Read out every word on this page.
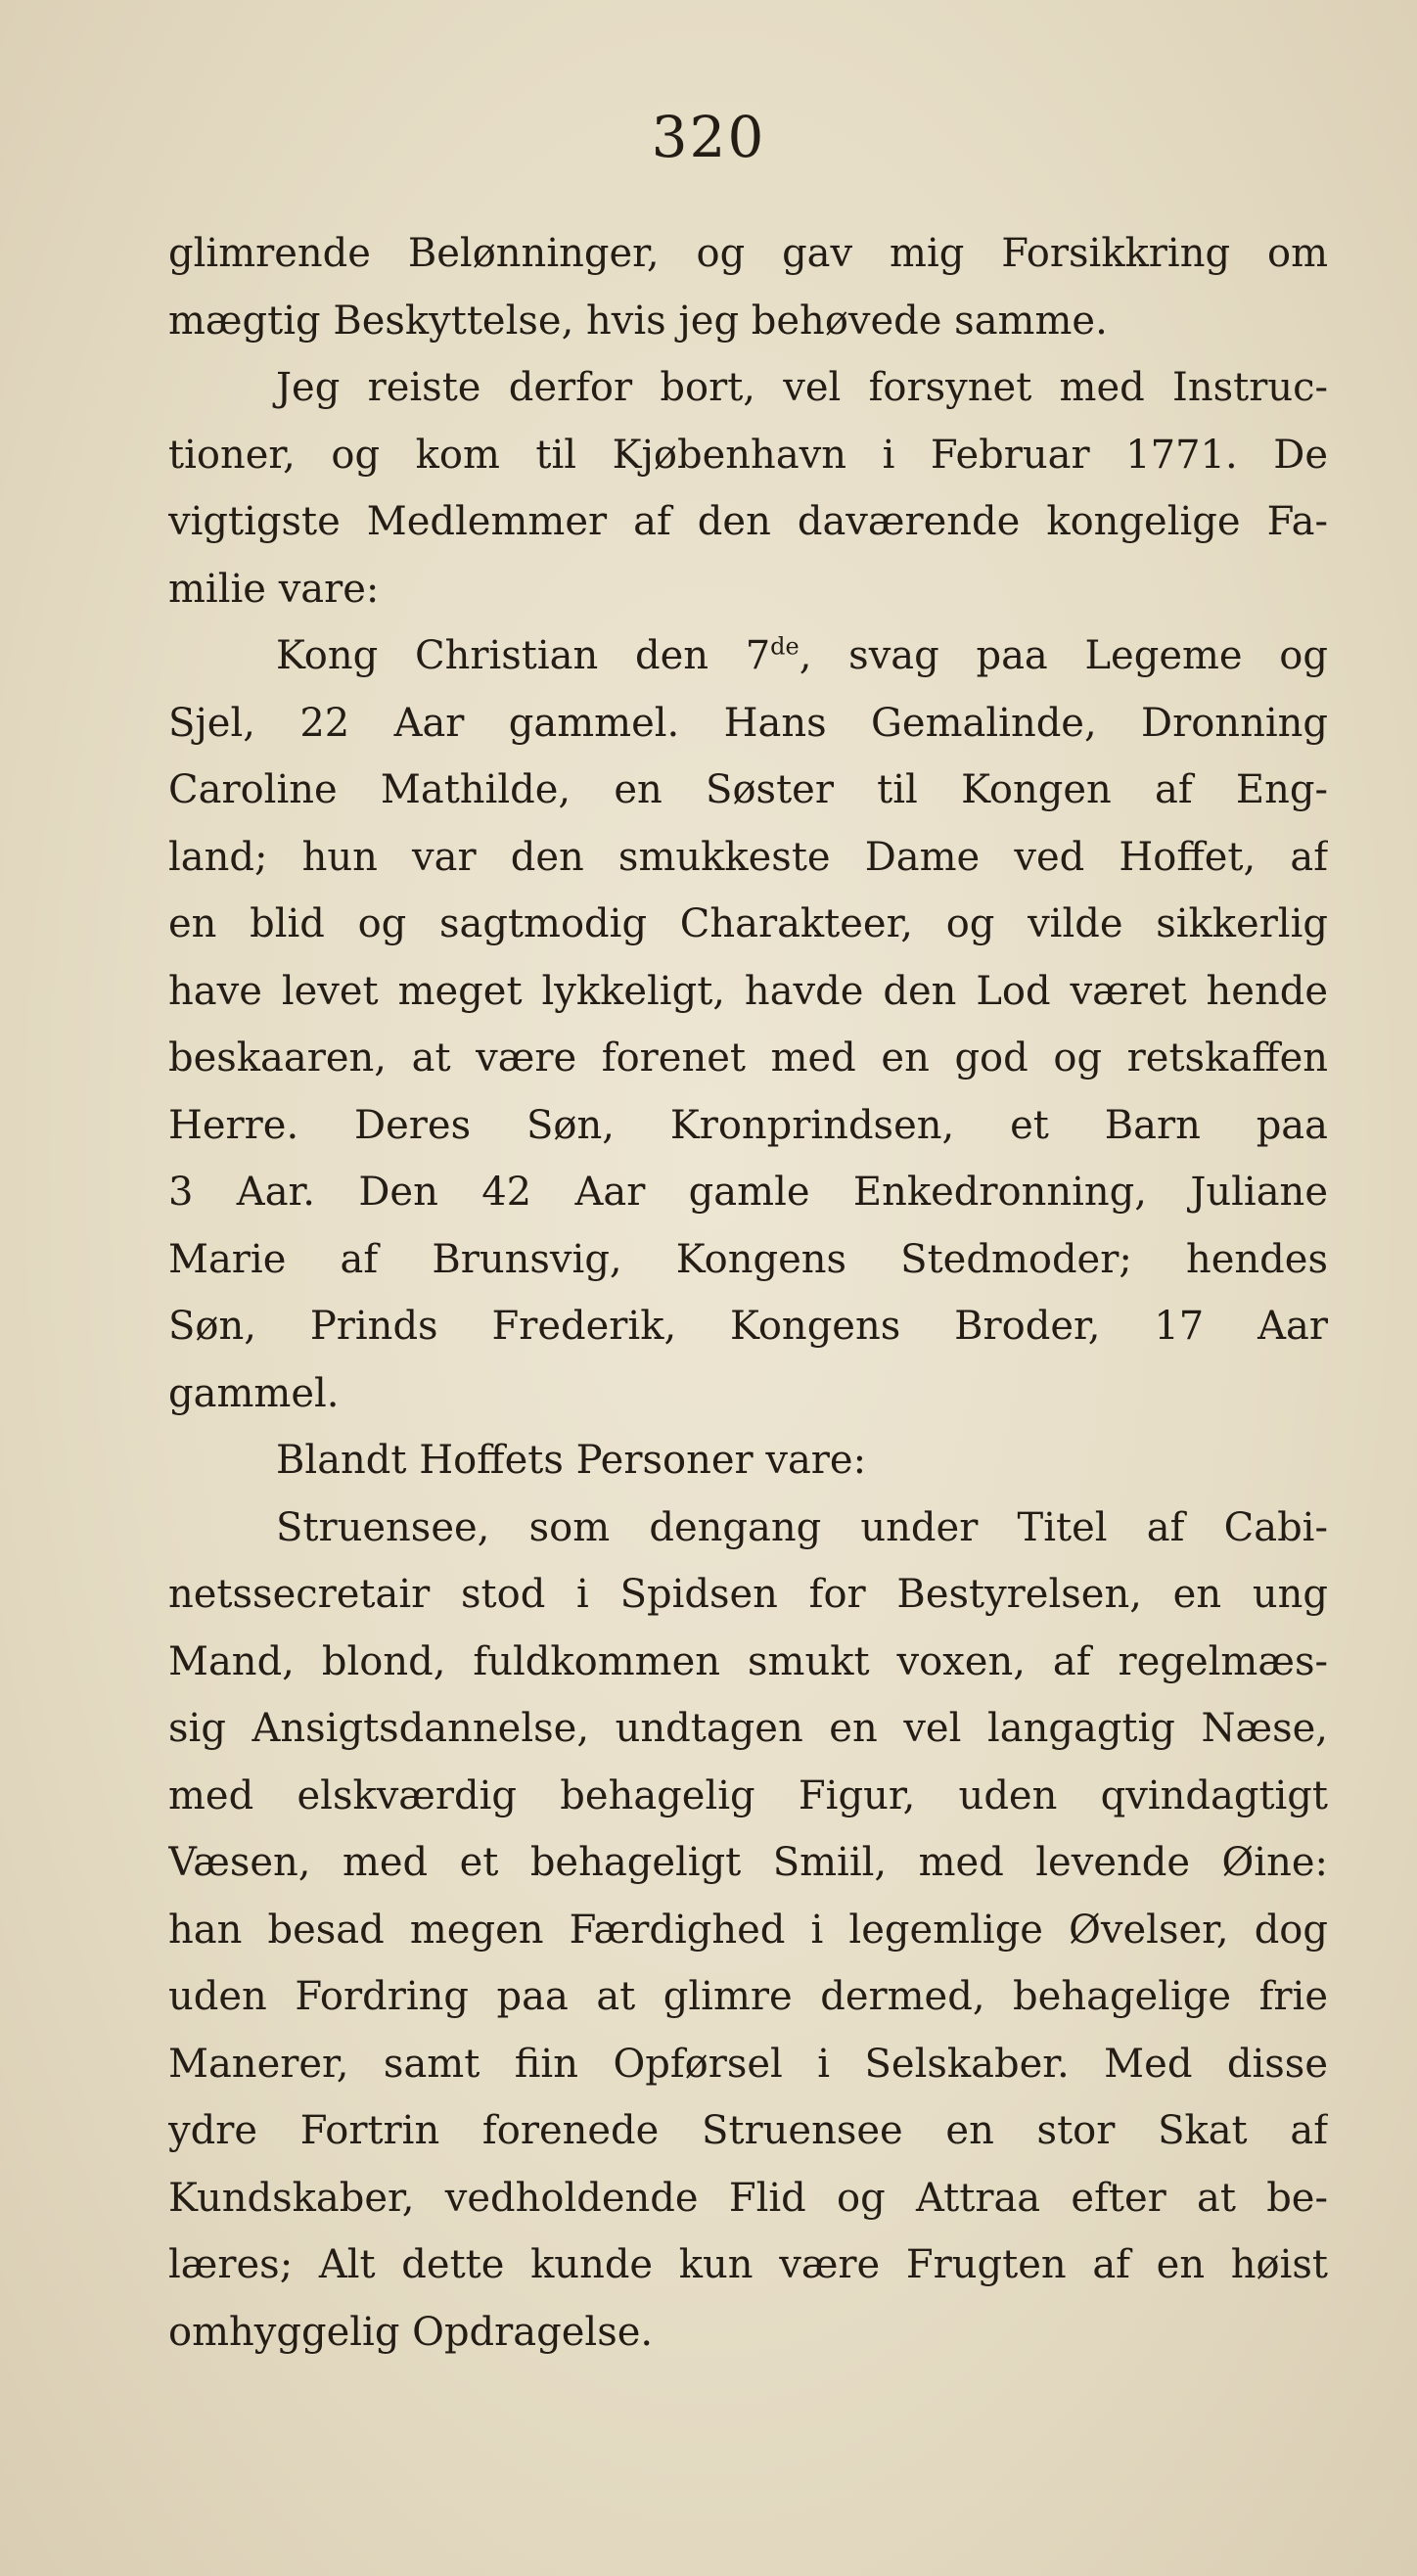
320
glimrende Belønninger, og gav mig Forsikkring om
mægtig Beskyttelse, hvis jeg behøvede samme.
Jeg reiste derfor bort, vel forsynet med Instruc-
tioner, og kom til Kjøbenhavn i Februar 1771. De
vigtigste Medlemmer af den daværende kongelige Fa-
milie vare:
Kong Christian den 7de, svag paa Legeme og
Sjel, 22 Aar gammel. Hans Gemalinde, Dronning
Caroline Mathilde, en Søster til Kongen af Eng-
land; hun var den smukkeste Dame ved Hoffet, af
en blid og sagtmodig Charakteer, og vilde sikkerlig
have levet meget lykkeligt, havde den Lod været hende
beskaaren, at være forenet med en god og retskaffen
Herre. Deres Søn, Kronprindsen, et Barn paa
3 Aar. Den 42 Aar gamle Enkedronning, Juliane
Marie af Brunsvig, Kongens Stedmoder; hendes
Søn, Prinds Frederik, Kongens Broder, 17 Aar
gammel.
Blandt Hoffets Personer vare:
Struensee, som dengang under Titel af Cabi-
netssecretair stod i Spidsen for Bestyrelsen, en ung
Mand, blond, fuldkommen smukt voxen, af regelmæs-
sig Ansigtsdannelse, undtagen en vel langagtig Næse,
med elskværdig behagelig Figur, uden qvindagtigt
Væsen, med et behageligt Smiil, med levende Øine:
han besad megen Færdighed i legemlige Øvelser, dog
uden Fordring paa at glimre dermed, behagelige frie
Manerer, samt fiin Opførsel i Selskaber. Med disse
ydre Fortrin forenede Struensee en stor Skat af
Kundskaber, vedholdende Flid og Attraa efter at be-
læres; Alt dette kunde kun være Frugten af en høist
omhyggelig Opdragelse.
